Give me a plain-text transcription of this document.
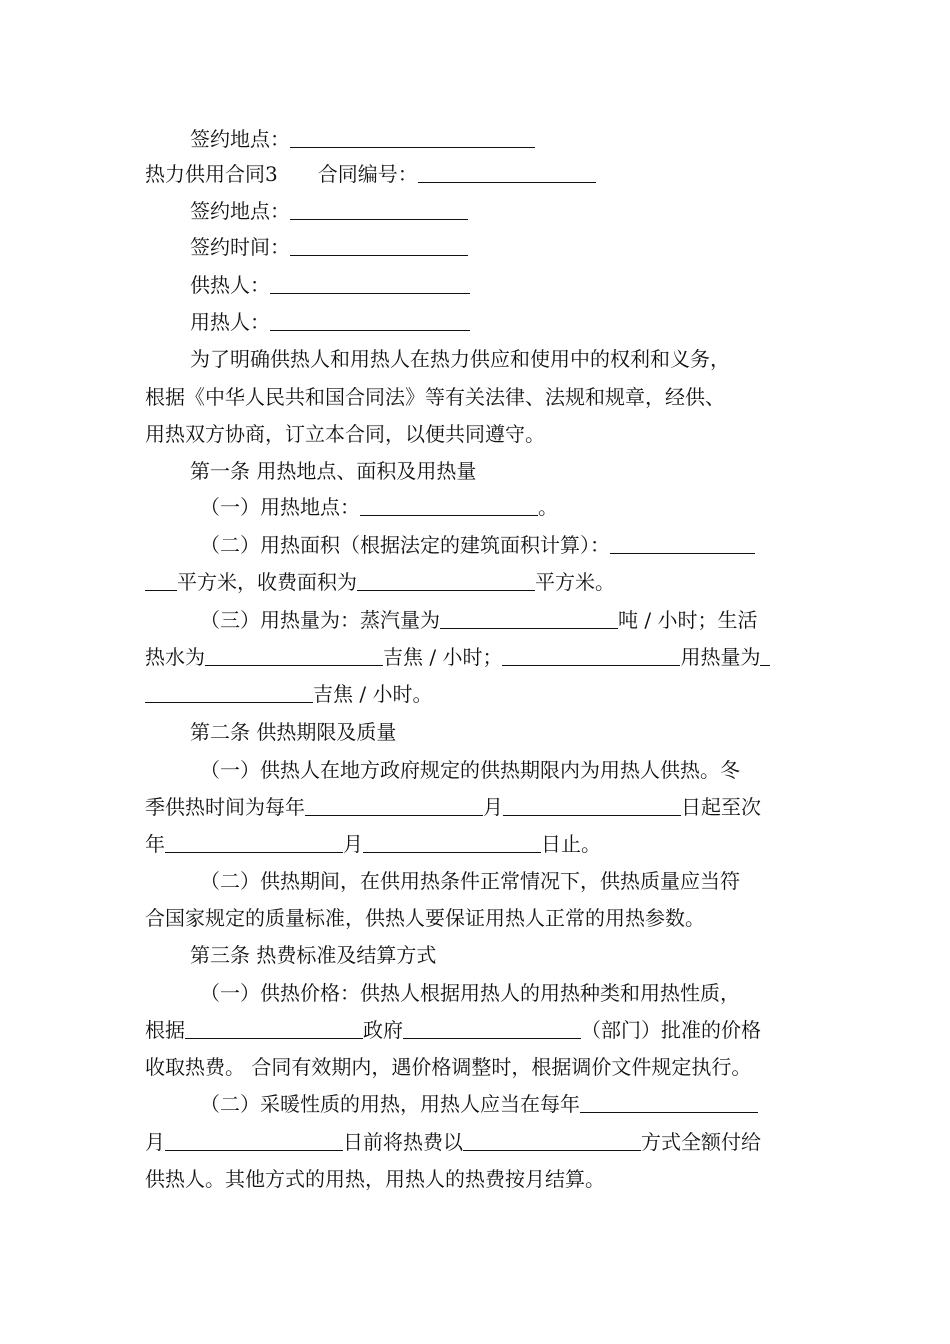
签约地点：
热力供用合同3　　合同编号：
签约地点：
签约时间：
供热人：
用热人：
为了明确供热人和用热人在热力供应和使用中的权利和义务，
根据《中华人民共和国合同法》等有关法律、法规和规章，经供、
用热双方协商，订立本合同，以便共同遵守。
第一条 用热地点、面积及用热量
（一）用热地点：	。
（二）用热面积（根据法定的建筑面积计算）：
平方米，收费面积为	平方米。
（三）用热量为：蒸汽量为	吨 / 小时；生活
热水为	吉焦 / 小时；	用热量为
吉焦 / 小时。
第二条 供热期限及质量
（一）供热人在地方政府规定的供热期限内为用热人供热。冬
季供热时间为每年	月	日起至次
年	月	日止。
（二）供热期间，在供用热条件正常情况下，供热质量应当符
合国家规定的质量标准，供热人要保证用热人正常的用热参数。
第三条 热费标准及结算方式
（一）供热价格：供热人根据用热人的用热种类和用热性质，
根据	政府	（部门）批准的价格
收取热费。 合同有效期内，遇价格调整时，根据调价文件规定执行。
（二）采暖性质的用热，用热人应当在每年
月	日前将热费以	方式全额付给
供热人。其他方式的用热，用热人的热费按月结算。
